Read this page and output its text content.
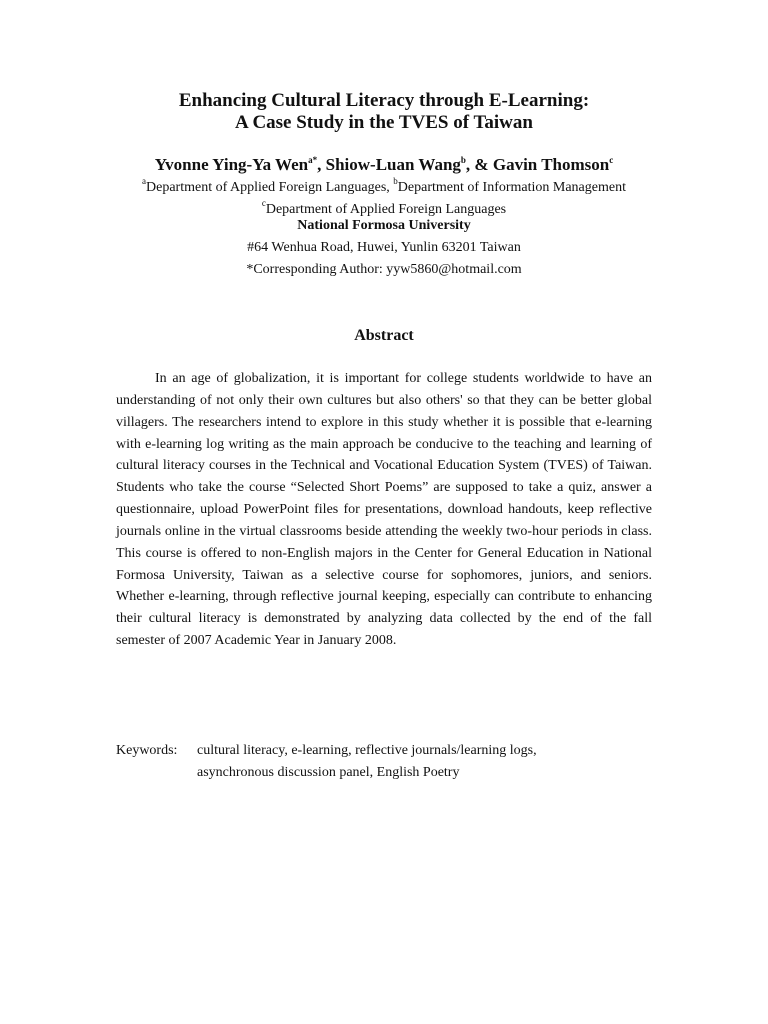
Enhancing Cultural Literacy through E-Learning:
A Case Study in the TVES of Taiwan
Yvonne Ying-Ya Wen$^{a*}$, Shiow-Luan Wang$^b$, & Gavin Thomson$^c$
$^a$Department of Applied Foreign Languages, $^b$Department of Information Management
$^c$Department of Applied Foreign Languages
National Formosa University
#64 Wenhua Road, Huwei, Yunlin 63201 Taiwan
*Corresponding Author: yyw5860@hotmail.com
Abstract

In an age of globalization, it is important for college students worldwide to have an understanding of not only their own cultures but also others' so that they can be better global villagers. The researchers intend to explore in this study whether it is possible that e-learning with e-learning log writing as the main approach be conducive to the teaching and learning of cultural literacy courses in the Technical and Vocational Education System (TVES) of Taiwan. Students who take the course “Selected Short Poems” are supposed to take a quiz, answer a questionnaire, upload PowerPoint files for presentations, download handouts, keep reflective journals online in the virtual classrooms beside attending the weekly two-hour periods in class. This course is offered to non-English majors in the Center for General Education in National Formosa University, Taiwan as a selective course for sophomores, juniors, and seniors. Whether e-learning, through reflective journal keeping, especially can contribute to enhancing their cultural literacy is demonstrated by analyzing data collected by the end of the fall semester of 2007 Academic Year in January 2008.

Keywords: cultural literacy, e-learning, reflective journals/learning logs,
asynchronous discussion panel, English Poetry
